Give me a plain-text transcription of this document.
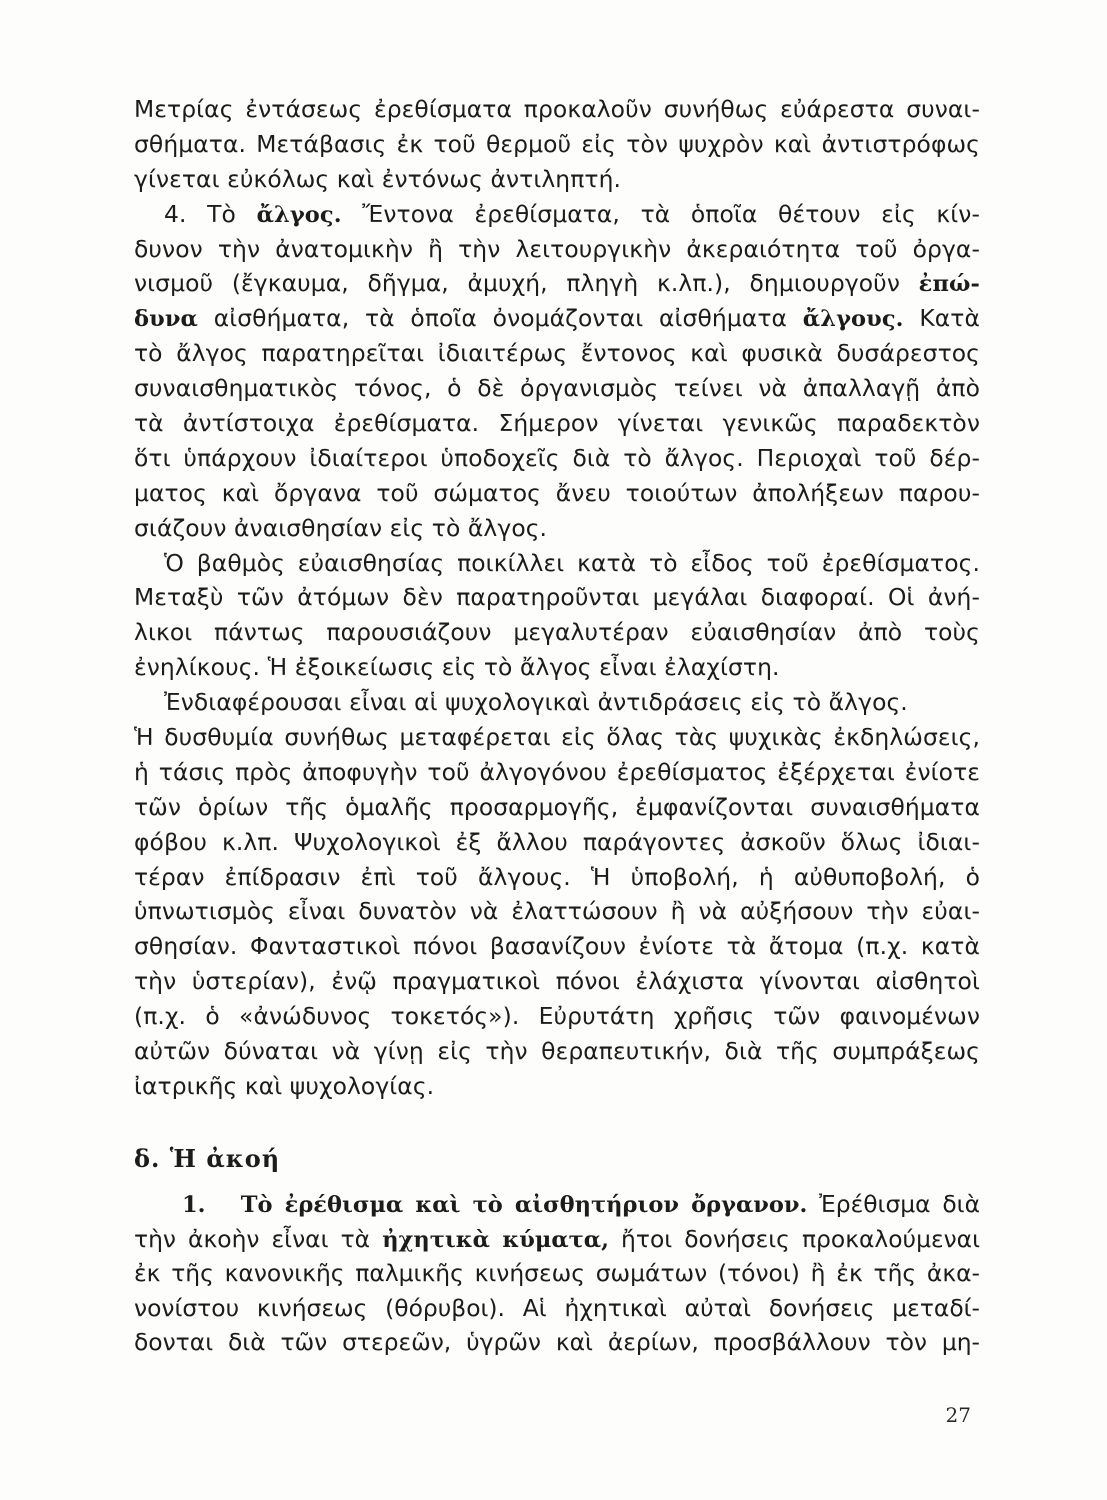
Μετρίας ἐντάσεως ἐρεθίσματα προκαλοῦν συνήθως εὐάρεστα συναι-
σθήματα. Μετάβασις ἐκ τοῦ θερμοῦ εἰς τὸν ψυχρὸν καὶ ἀντιστρόφως
γίνεται εὐκόλως καὶ ἐντόνως ἀντιληπτή.
4. Τὸ ἄλγος. Ἔντονα ἐρεθίσματα, τὰ ὁποῖα θέτουν εἰς κίν-
δυνον τὴν ἀνατομικὴν ἢ τὴν λειτουργικὴν ἀκεραιότητα τοῦ ὀργα-
νισμοῦ (ἔγκαυμα, δῆγμα, ἀμυχή, πληγὴ κ.λπ.), δημιουργοῦν ἐπώ-
δυνα αἰσθήματα, τὰ ὁποῖα ὀνομάζονται αἰσθήματα ἄλγους. Κατὰ
τὸ ἄλγος παρατηρεῖται ἰδιαιτέρως ἔντονος καὶ φυσικὰ δυσάρεστος
συναισθηματικὸς τόνος, ὁ δὲ ὀργανισμὸς τείνει νὰ ἀπαλλαγῇ ἀπὸ
τὰ ἀντίστοιχα ἐρεθίσματα. Σήμερον γίνεται γενικῶς παραδεκτὸν
ὅτι ὑπάρχουν ἰδιαίτεροι ὑποδοχεῖς διὰ τὸ ἄλγος. Περιοχαὶ τοῦ δέρ-
ματος καὶ ὄργανα τοῦ σώματος ἄνευ τοιούτων ἀπολήξεων παρου-
σιάζουν ἀναισθησίαν εἰς τὸ ἄλγος.
Ὁ βαθμὸς εὐαισθησίας ποικίλλει κατὰ τὸ εἶδος τοῦ ἐρεθίσματος.
Μεταξὺ τῶν ἀτόμων δὲν παρατηροῦνται μεγάλαι διαφοραί. Οἱ ἀνή-
λικοι πάντως παρουσιάζουν μεγαλυτέραν εὐαισθησίαν ἀπὸ τοὺς
ἐνηλίκους. Ἡ ἐξοικείωσις εἰς τὸ ἄλγος εἶναι ἐλαχίστη.
Ἐνδιαφέρουσαι εἶναι αἱ ψυχολογικαὶ ἀντιδράσεις εἰς τὸ ἄλγος.
Ἡ δυσθυμία συνήθως μεταφέρεται εἰς ὅλας τὰς ψυχικὰς ἐκδηλώσεις,
ἡ τάσις πρὸς ἀποφυγὴν τοῦ ἀλγογόνου ἐρεθίσματος ἐξέρχεται ἐνίοτε
τῶν ὁρίων τῆς ὁμαλῆς προσαρμογῆς, ἐμφανίζονται συναισθήματα
φόβου κ.λπ. Ψυχολογικοὶ ἐξ ἄλλου παράγοντες ἀσκοῦν ὅλως ἰδιαι-
τέραν ἐπίδρασιν ἐπὶ τοῦ ἄλγους. Ἡ ὑποβολή, ἡ αὐθυποβολή, ὁ
ὑπνωτισμὸς εἶναι δυνατὸν νὰ ἐλαττώσουν ἢ νὰ αὐξήσουν τὴν εὐαι-
σθησίαν. Φανταστικοὶ πόνοι βασανίζουν ἐνίοτε τὰ ἄτομα (π.χ. κατὰ
τὴν ὑστερίαν), ἐνῷ πραγματικοὶ πόνοι ἐλάχιστα γίνονται αἰσθητοὶ
(π.χ. ὁ «ἀνώδυνος τοκετός»). Εὐρυτάτη χρῆσις τῶν φαινομένων
αὐτῶν δύναται νὰ γίνῃ εἰς τὴν θεραπευτικήν, διὰ τῆς συμπράξεως
ἰατρικῆς καὶ ψυχολογίας.
δ. Ἡ ἀκοή
1. Τὸ ἐρέθισμα καὶ τὸ αἰσθητήριον ὄργανον. Ἐρέθισμα διὰ
τὴν ἀκοὴν εἶναι τὰ ἠχητικὰ κύματα, ἤτοι δονήσεις προκαλούμεναι
ἐκ τῆς κανονικῆς παλμικῆς κινήσεως σωμάτων (τόνοι) ἢ ἐκ τῆς ἀκα-
νονίστου κινήσεως (θόρυβοι). Αἱ ἠχητικαὶ αὐταὶ δονήσεις μεταδί-
δονται διὰ τῶν στερεῶν, ὑγρῶν καὶ ἀερίων, προσβάλλουν τὸν μη-
27
